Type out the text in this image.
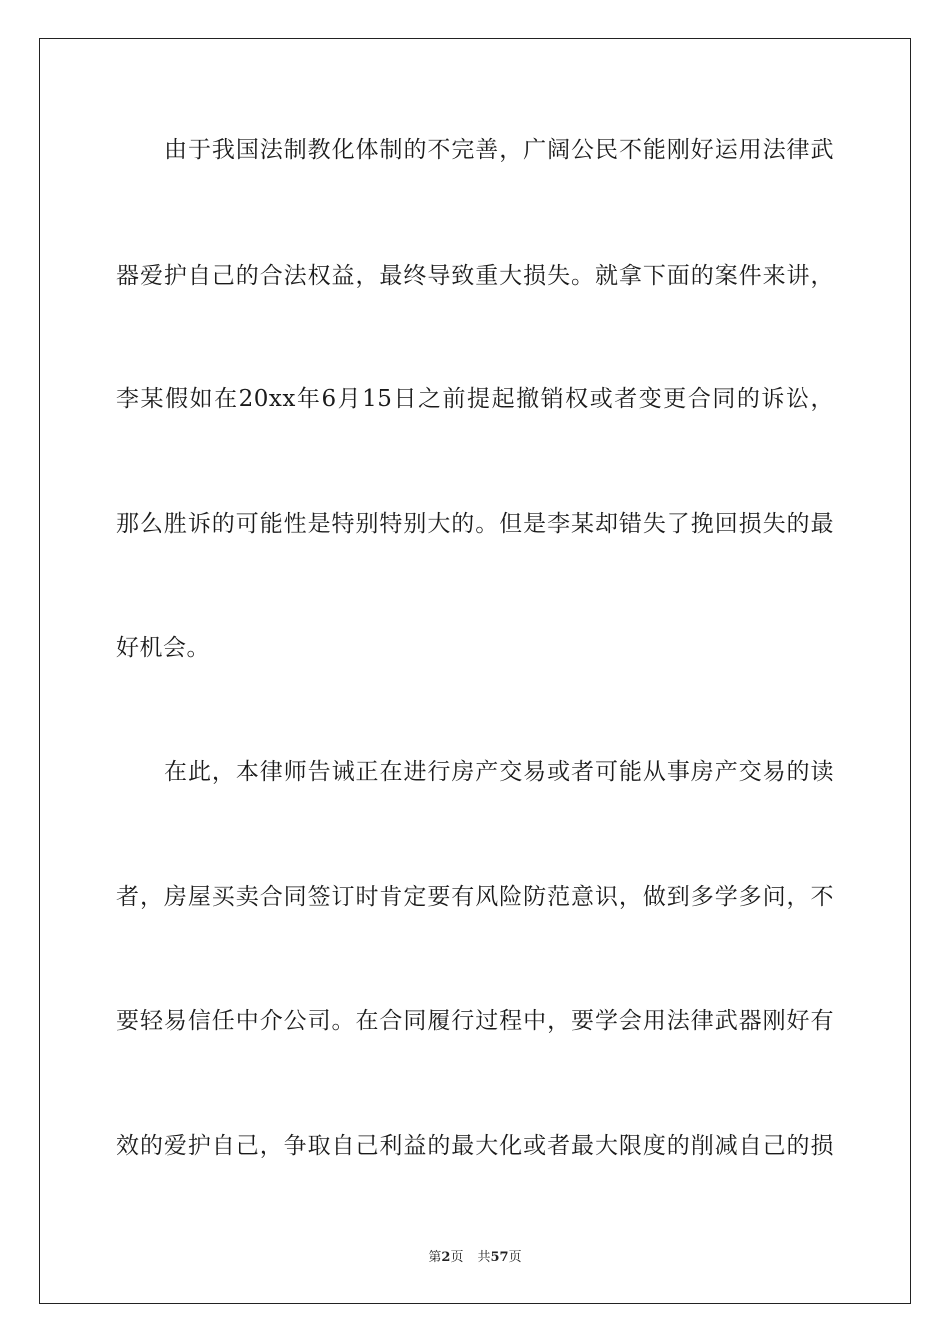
由于我国法制教化体制的不完善，广阔公民不能刚好运用法律武
器爱护自己的合法权益，最终导致重大损失。就拿下面的案件来讲，
李某假如在20xx年6月15日之前提起撤销权或者变更合同的诉讼，
那么胜诉的可能性是特别特别大的。但是李某却错失了挽回损失的最
好机会。
在此，本律师告诫正在进行房产交易或者可能从事房产交易的读
者，房屋买卖合同签订时肯定要有风险防范意识，做到多学多问，不
要轻易信任中介公司。在合同履行过程中，要学会用法律武器刚好有
效的爱护自己，争取自己利益的最大化或者最大限度的削减自己的损
第2页 共57页
